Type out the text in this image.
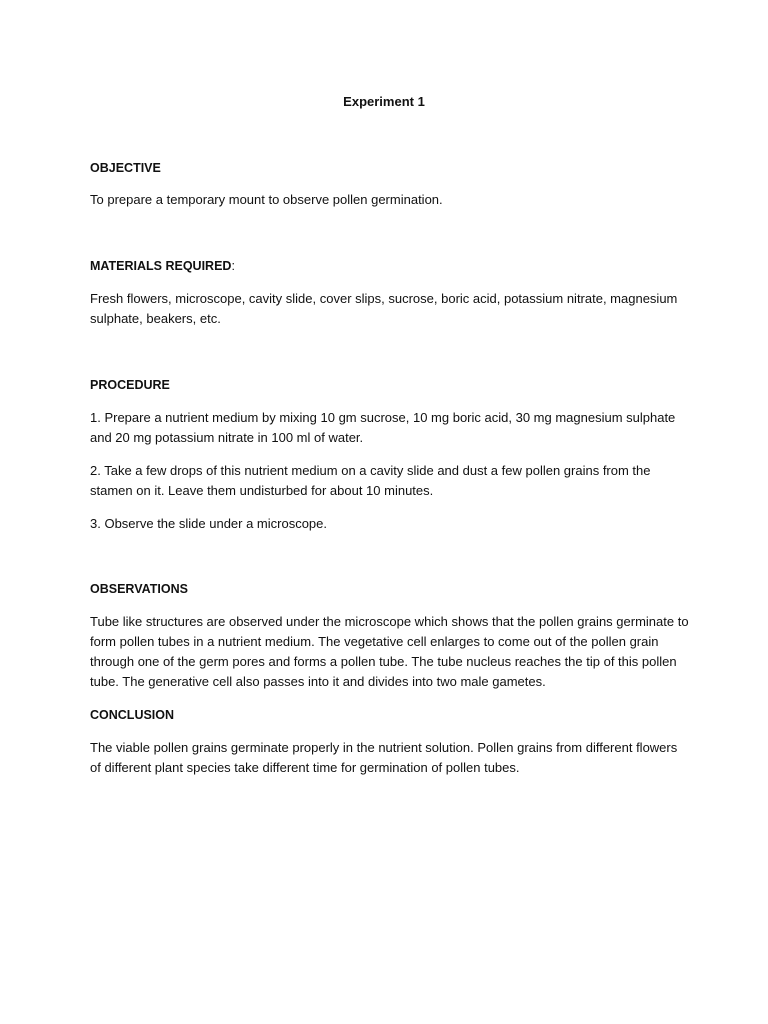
Experiment 1
OBJECTIVE

To prepare a temporary mount to observe pollen germination.

MATERIALS REQUIRED:

Fresh flowers, microscope, cavity slide, cover slips, sucrose, boric acid, potassium nitrate, magnesium
sulphate, beakers, etc.

PROCEDURE

1. Prepare a nutrient medium by mixing 10 gm sucrose, 10 mg boric acid, 30 mg magnesium sulphate
and 20 mg potassium nitrate in 100 ml of water.

2. Take a few drops of this nutrient medium on a cavity slide and dust a few pollen grains from the
stamen on it. Leave them undisturbed for about 10 minutes.

3. Observe the slide under a microscope.

OBSERVATIONS

Tube like structures are observed under the microscope which shows that the pollen grains germinate to
form pollen tubes in a nutrient medium. The vegetative cell enlarges to come out of the pollen grain
through one of the germ pores and forms a pollen tube. The tube nucleus reaches the tip of this pollen
tube. The generative cell also passes into it and divides into two male gametes.

CONCLUSION

The viable pollen grains germinate properly in the nutrient solution. Pollen grains from different flowers
of different plant species take different time for germination of pollen tubes.
